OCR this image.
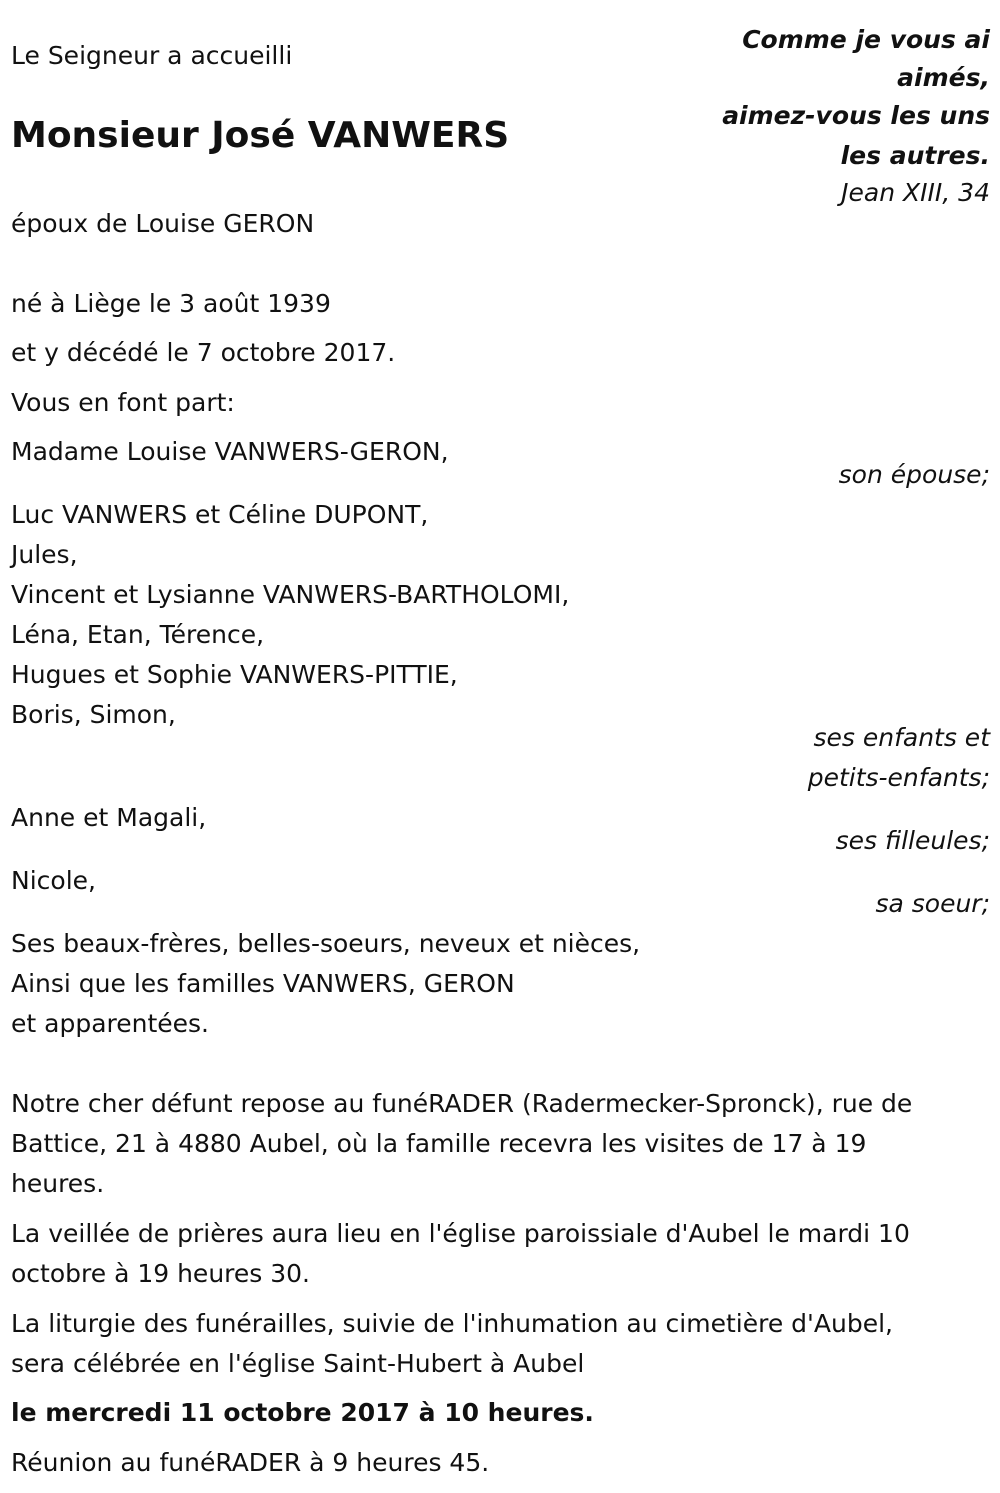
Le Seigneur a accueilli
Monsieur José VANWERS
époux de Louise GERON
né à Liège le 3 août 1939
et y décédé le 7 octobre 2017.
Comme je vous ai
aimés,
aimez-vous les uns
les autres.
Jean XIII, 34
Vous en font part:
Madame Louise VANWERS-GERON,
son épouse;
Luc VANWERS et Céline DUPONT,
Jules,
Vincent et Lysianne VANWERS-BARTHOLOMI,
Léna, Etan, Térence,
Hugues et Sophie VANWERS-PITTIE,
Boris, Simon,
ses enfants et
petits-enfants;
Anne et Magali,
ses filleules;
Nicole,
sa soeur;
Ses beaux-frères, belles-soeurs, neveux et nièces,
Ainsi que les familles VANWERS, GERON
et apparentées.
Notre cher défunt repose au funéRADER (Radermecker-Spronck), rue de
Battice, 21 à 4880 Aubel, où la famille recevra les visites de 17 à 19
heures.
La veillée de prières aura lieu en l'église paroissiale d'Aubel le mardi 10
octobre à 19 heures 30.
La liturgie des funérailles, suivie de l'inhumation au cimetière d'Aubel,
sera célébrée en l'église Saint-Hubert à Aubel
le mercredi 11 octobre 2017 à 10 heures.
Réunion au funéRADER à 9 heures 45.
